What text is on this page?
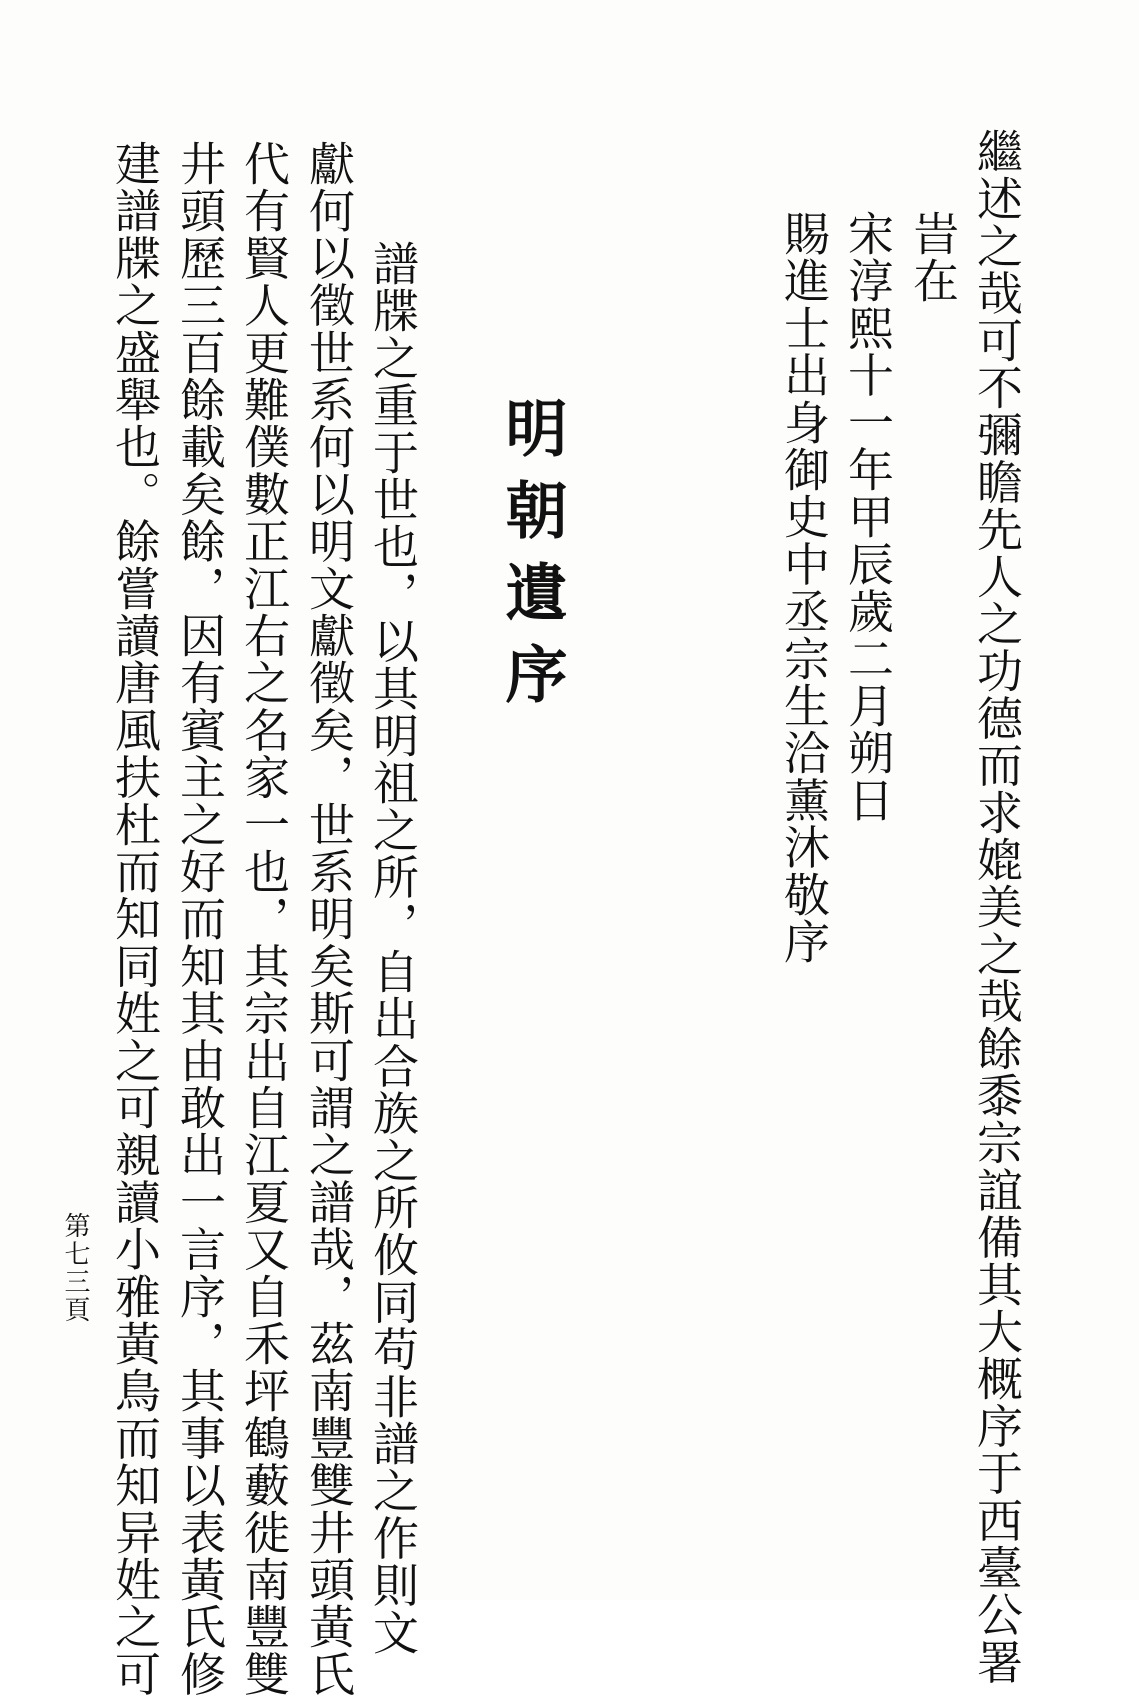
繼述之哉可不彌瞻先人之功德而求媲美之哉餘黍宗誼備其大概序于西臺公署
旹在
宋淳熙十一年甲辰歲二月朔日
賜進士出身御史中丞宗生洽薰沐敬序
明朝遺序
譜牒之重于世也，以其明祖之所，自出合族之所攸同苟非譜之作則文
獻何以徵世系何以明文獻徵矣，世系明矣斯可謂之譜哉，茲南豐雙井頭黃氏
代有賢人更難僕數正江右之名家一也，其宗出自江夏又自禾坪鶴藪徙南豐雙
井頭歷三百餘載矣餘，因有賓主之好而知其由敢出一言序，其事以表黃氏修
建譜牒之盛舉也。餘嘗讀唐風扶杜而知同姓之可親讀小雅黃鳥而知异姓之可
第七三頁
